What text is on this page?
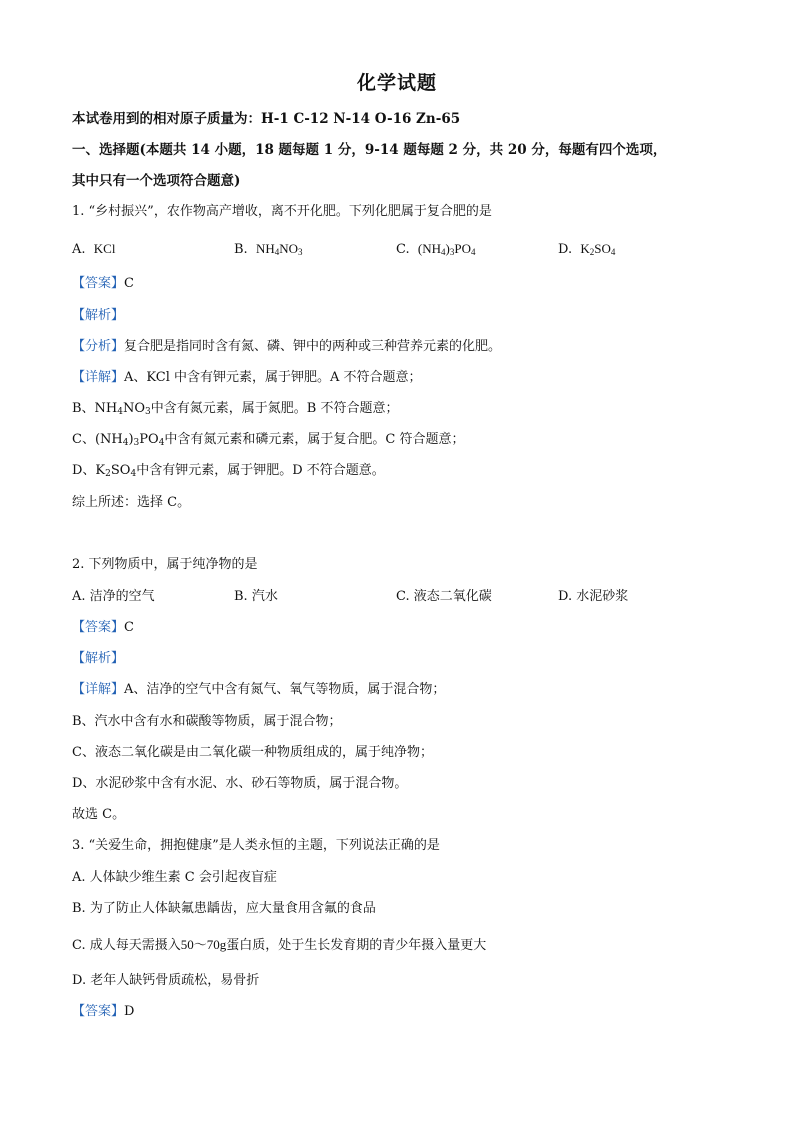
化学试题
本试卷用到的相对原子质量为：H-1 C-12 N-14 O-16 Zn-65
一、选择题(本题共 14 小题，18 题每题 1 分，9-14 题每题 2 分，共 20 分，每题有四个选项，
其中只有一个选项符合题意)
1. “乡村振兴”，农作物高产增收，离不开化肥。下列化肥属于复合肥的是
A. KCl	B. $NH_4NO_3$	C. $(NH_4)_3PO_4$	D. $K_2SO_4$
【答案】C
【解析】
【分析】复合肥是指同时含有氮、磷、钾中的两种或三种营养元素的化肥。
【详解】A、KCl 中含有钾元素，属于钾肥。A 不符合题意；
B、$NH_4NO_3$中含有氮元素，属于氮肥。B 不符合题意；
C、$(NH_4)_3PO_4$中含有氮元素和磷元素，属于复合肥。C 符合题意；
D、$K_2SO_4$中含有钾元素，属于钾肥。D 不符合题意。
综上所述：选择 C。
2. 下列物质中，属于纯净物的是
A. 洁净的空气	B. 汽水	C. 液态二氧化碳	D. 水泥砂浆
【答案】C
【解析】
【详解】A、洁净的空气中含有氮气、氧气等物质，属于混合物；
B、汽水中含有水和碳酸等物质，属于混合物；
C、液态二氧化碳是由二氧化碳一种物质组成的，属于纯净物；
D、水泥砂浆中含有水泥、水、砂石等物质，属于混合物。
故选 C。
3. “关爱生命，拥抱健康”是人类永恒的主题，下列说法正确的是
A. 人体缺少维生素 C 会引起夜盲症
B. 为了防止人体缺氟患龋齿，应大量食用含氟的食品
C. 成人每天需摄入50～70g蛋白质，处于生长发育期的青少年摄入量更大
D. 老年人缺钙骨质疏松，易骨折
【答案】D
